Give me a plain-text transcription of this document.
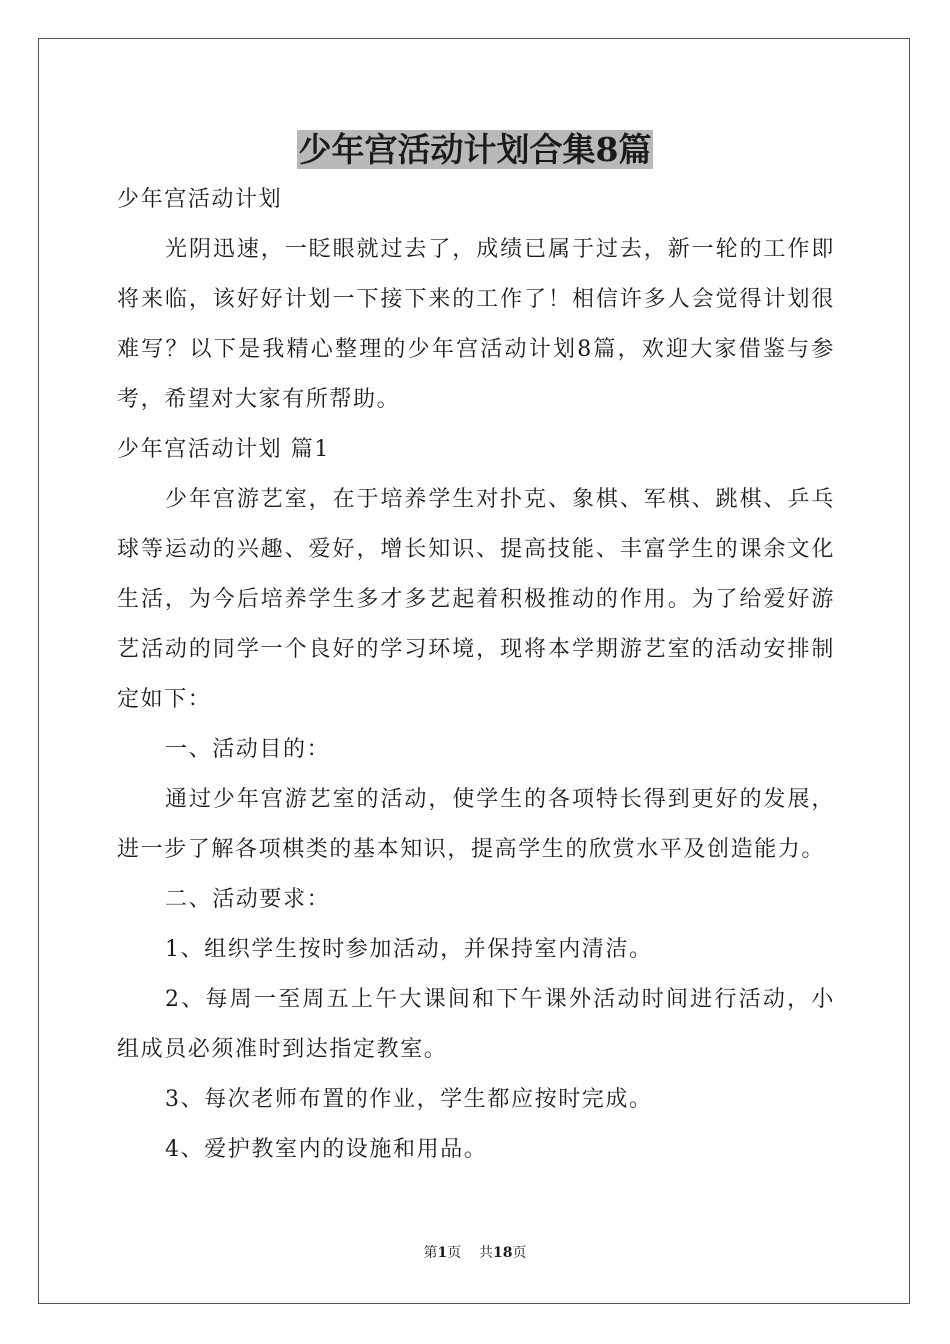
少年宫活动计划合集8篇

少年宫活动计划

光阴迅速，一眨眼就过去了，成绩已属于过去，新一轮的工作即将来临，该好好计划一下接下来的工作了！相信许多人会觉得计划很难写？以下是我精心整理的少年宫活动计划8篇，欢迎大家借鉴与参考，希望对大家有所帮助。

少年宫活动计划 篇1

少年宫游艺室，在于培养学生对扑克、象棋、军棋、跳棋、乒乓球等运动的兴趣、爱好，增长知识、提高技能、丰富学生的课余文化生活，为今后培养学生多才多艺起着积极推动的作用。为了给爱好游艺活动的同学一个良好的学习环境，现将本学期游艺室的活动安排制定如下：

一、活动目的：

通过少年宫游艺室的活动，使学生的各项特长得到更好的发展，进一步了解各项棋类的基本知识，提高学生的欣赏水平及创造能力。

二、活动要求：

1、组织学生按时参加活动，并保持室内清洁。

2、每周一至周五上午大课间和下午课外活动时间进行活动，小组成员必须准时到达指定教室。

3、每次老师布置的作业，学生都应按时完成。

4、爱护教室内的设施和用品。

第1页 共18页
